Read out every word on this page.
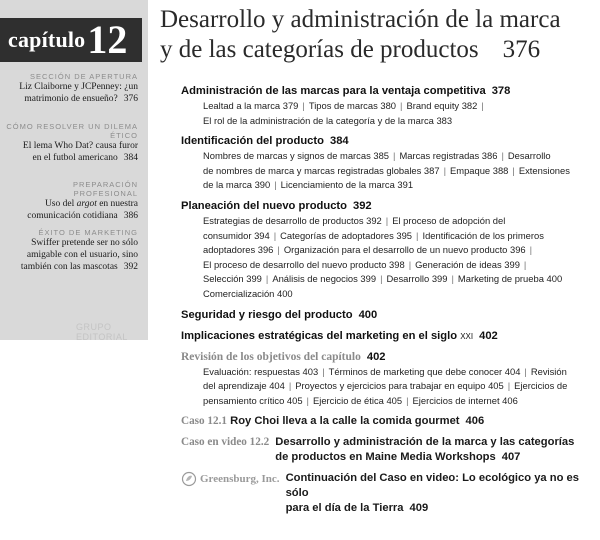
capítulo 12
SECCIÓN DE APERTURA
Liz Claiborne y JCPenney: ¿un
matrimonio de ensueño? 376
CÓMO RESOLVER UN DILEMA ÉTICO
El lema Who Dat? causa furor
en el futbol americano 384
PREPARACIÓN PROFESIONAL
Uso del argot en nuestra
comunicación cotidiana 386
ÉXITO DE MARKETING
Swiffer pretende ser no sólo
amigable con el usuario, sino
también con las mascotas 392
GRUPO EDITORIAL
Desarrollo y administración de la marca
y de las categorías de productos 376
Administración de las marcas para la ventaja competitiva 378
Lealtad a la marca 379 | Tipos de marcas 380 | Brand equity 382 |
El rol de la administración de la categoría y de la marca 383
Identificación del producto 384
Nombres de marcas y signos de marcas 385 | Marcas registradas 386 | Desarrollo
de nombres de marca y marcas registradas globales 387 | Empaque 388 | Extensiones
de la marca 390 | Licenciamiento de la marca 391
Planeación del nuevo producto 392
Estrategias de desarrollo de productos 392 | El proceso de adopción del
consumidor 394 | Categorías de adoptadores 395 | Identificación de los primeros
adoptadores 396 | Organización para el desarrollo de un nuevo producto 396 |
El proceso de desarrollo del nuevo producto 398 | Generación de ideas 399 |
Selección 399 | Análisis de negocios 399 | Desarrollo 399 | Marketing de prueba 400
Comercialización 400
Seguridad y riesgo del producto 400
Implicaciones estratégicas del marketing en el siglo XXI 402
Revisión de los objetivos del capítulo 402
Evaluación: respuestas 403 | Términos de marketing que debe conocer 404 | Revisión
del aprendizaje 404 | Proyectos y ejercicios para trabajar en equipo 405 | Ejercicios de
pensamiento crítico 405 | Ejercicio de ética 405 | Ejercicios de internet 406
Caso 12.1 Roy Choi lleva a la calle la comida gourmet 406
Caso en video 12.2 Desarrollo y administración de la marca y las categorías
de productos en Maine Media Workshops 407
Greensburg, Inc. Continuación del Caso en video: Lo ecológico ya no es sólo
para el día de la Tierra 409
